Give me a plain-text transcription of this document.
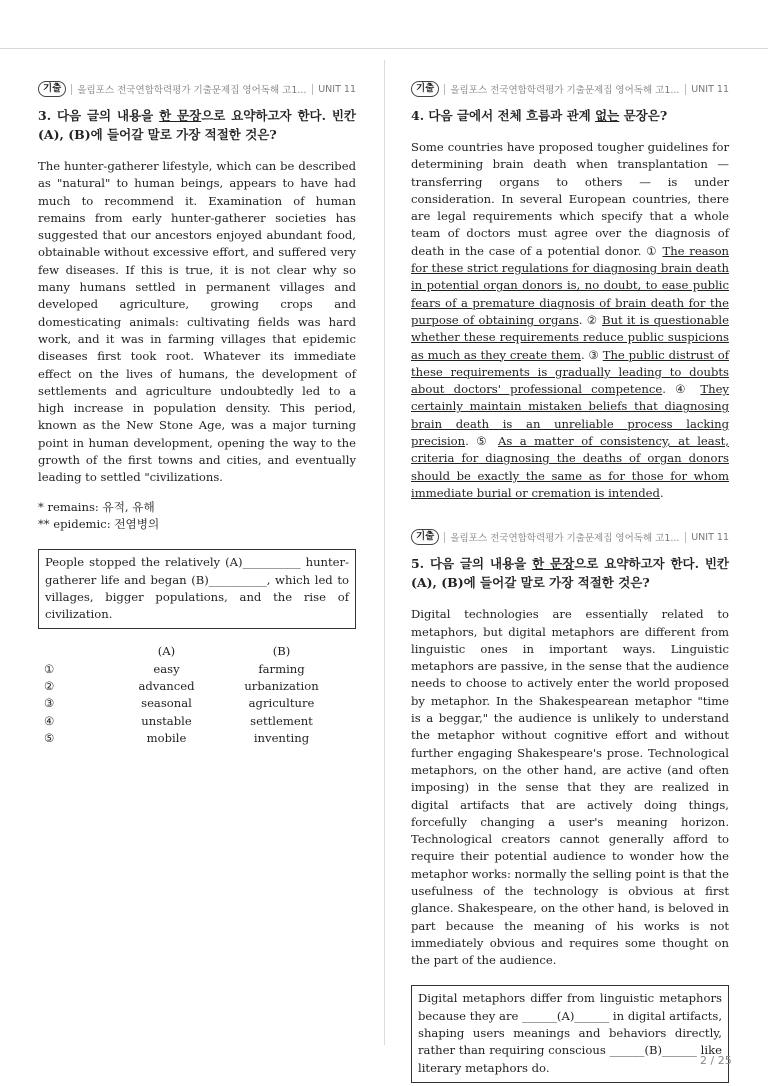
기출	올림포스 전국연합학력평가 기출문제집 영어독해 고1... UNIT 11
3. 다음 글의 내용을 한 문장으로 요약하고자 한다. 빈칸 (A), (B)에 들어갈 말로 가장 적절한 것은?
The hunter-gatherer lifestyle, which can be described as "natural" to human beings, appears to have had much to recommend it. Examination of human remains from early hunter-gatherer societies has suggested that our ancestors enjoyed abundant food, obtainable without excessive effort, and suffered very few diseases. If this is true, it is not clear why so many humans settled in permanent villages and developed agriculture, growing crops and domesticating animals: cultivating fields was hard work, and it was in farming villages that epidemic diseases first took root. Whatever its immediate effect on the lives of humans, the development of settlements and agriculture undoubtedly led to a high increase in population density. This period, known as the New Stone Age, was a major turning point in human development, opening the way to the growth of the first towns and cities, and eventually leading to settled "civilizations.
* remains: 유적, 유해
** epidemic: 전염병의
People stopped the relatively (A)__________ hunter-gatherer life and began (B)__________, which led to villages, bigger populations, and the rise of civilization.
	(A)	(B)
①	easy	farming
②	advanced	urbanization
③	seasonal	agriculture
④	unstable	settlement
⑤	mobile	inventing
기출	올림포스 전국연합학력평가 기출문제집 영어독해 고1... UNIT 11
4. 다음 글에서 전체 흐름과 관계 없는 문장은?
Some countries have proposed tougher guidelines for determining brain death when transplantation — transferring organs to others — is under consideration. In several European countries, there are legal requirements which specify that a whole team of doctors must agree over the diagnosis of death in the case of a potential donor. ① The reason for these strict regulations for diagnosing brain death in potential organ donors is, no doubt, to ease public fears of a premature diagnosis of brain death for the purpose of obtaining organs. ② But it is questionable whether these requirements reduce public suspicions as much as they create them. ③ The public distrust of these requirements is gradually leading to doubts about doctors' professional competence. ④ They certainly maintain mistaken beliefs that diagnosing brain death is an unreliable process lacking precision. ⑤ As a matter of consistency, at least, criteria for diagnosing the deaths of organ donors should be exactly the same as for those for whom immediate burial or cremation is intended.
기출	올림포스 전국연합학력평가 기출문제집 영어독해 고1... UNIT 11
5. 다음 글의 내용을 한 문장으로 요약하고자 한다. 빈칸 (A), (B)에 들어갈 말로 가장 적절한 것은?
Digital technologies are essentially related to metaphors, but digital metaphors are different from linguistic ones in important ways. Linguistic metaphors are passive, in the sense that the audience needs to choose to actively enter the world proposed by metaphor. In the Shakespearean metaphor "time is a beggar," the audience is unlikely to understand the metaphor without cognitive effort and without further engaging Shakespeare's prose. Technological metaphors, on the other hand, are active (and often imposing) in the sense that they are realized in digital artifacts that are actively doing things, forcefully changing a user's meaning horizon. Technological creators cannot generally afford to require their potential audience to wonder how the metaphor works: normally the selling point is that the usefulness of the technology is obvious at first glance. Shakespeare, on the other hand, is beloved in part because the meaning of his works is not immediately obvious and requires some thought on the part of the audience.
Digital metaphors differ from linguistic metaphors because they are ______(A)______ in digital artifacts, shaping users meanings and behaviors directly, rather than requiring conscious ______(B)______ like literary metaphors do.
2 / 25
